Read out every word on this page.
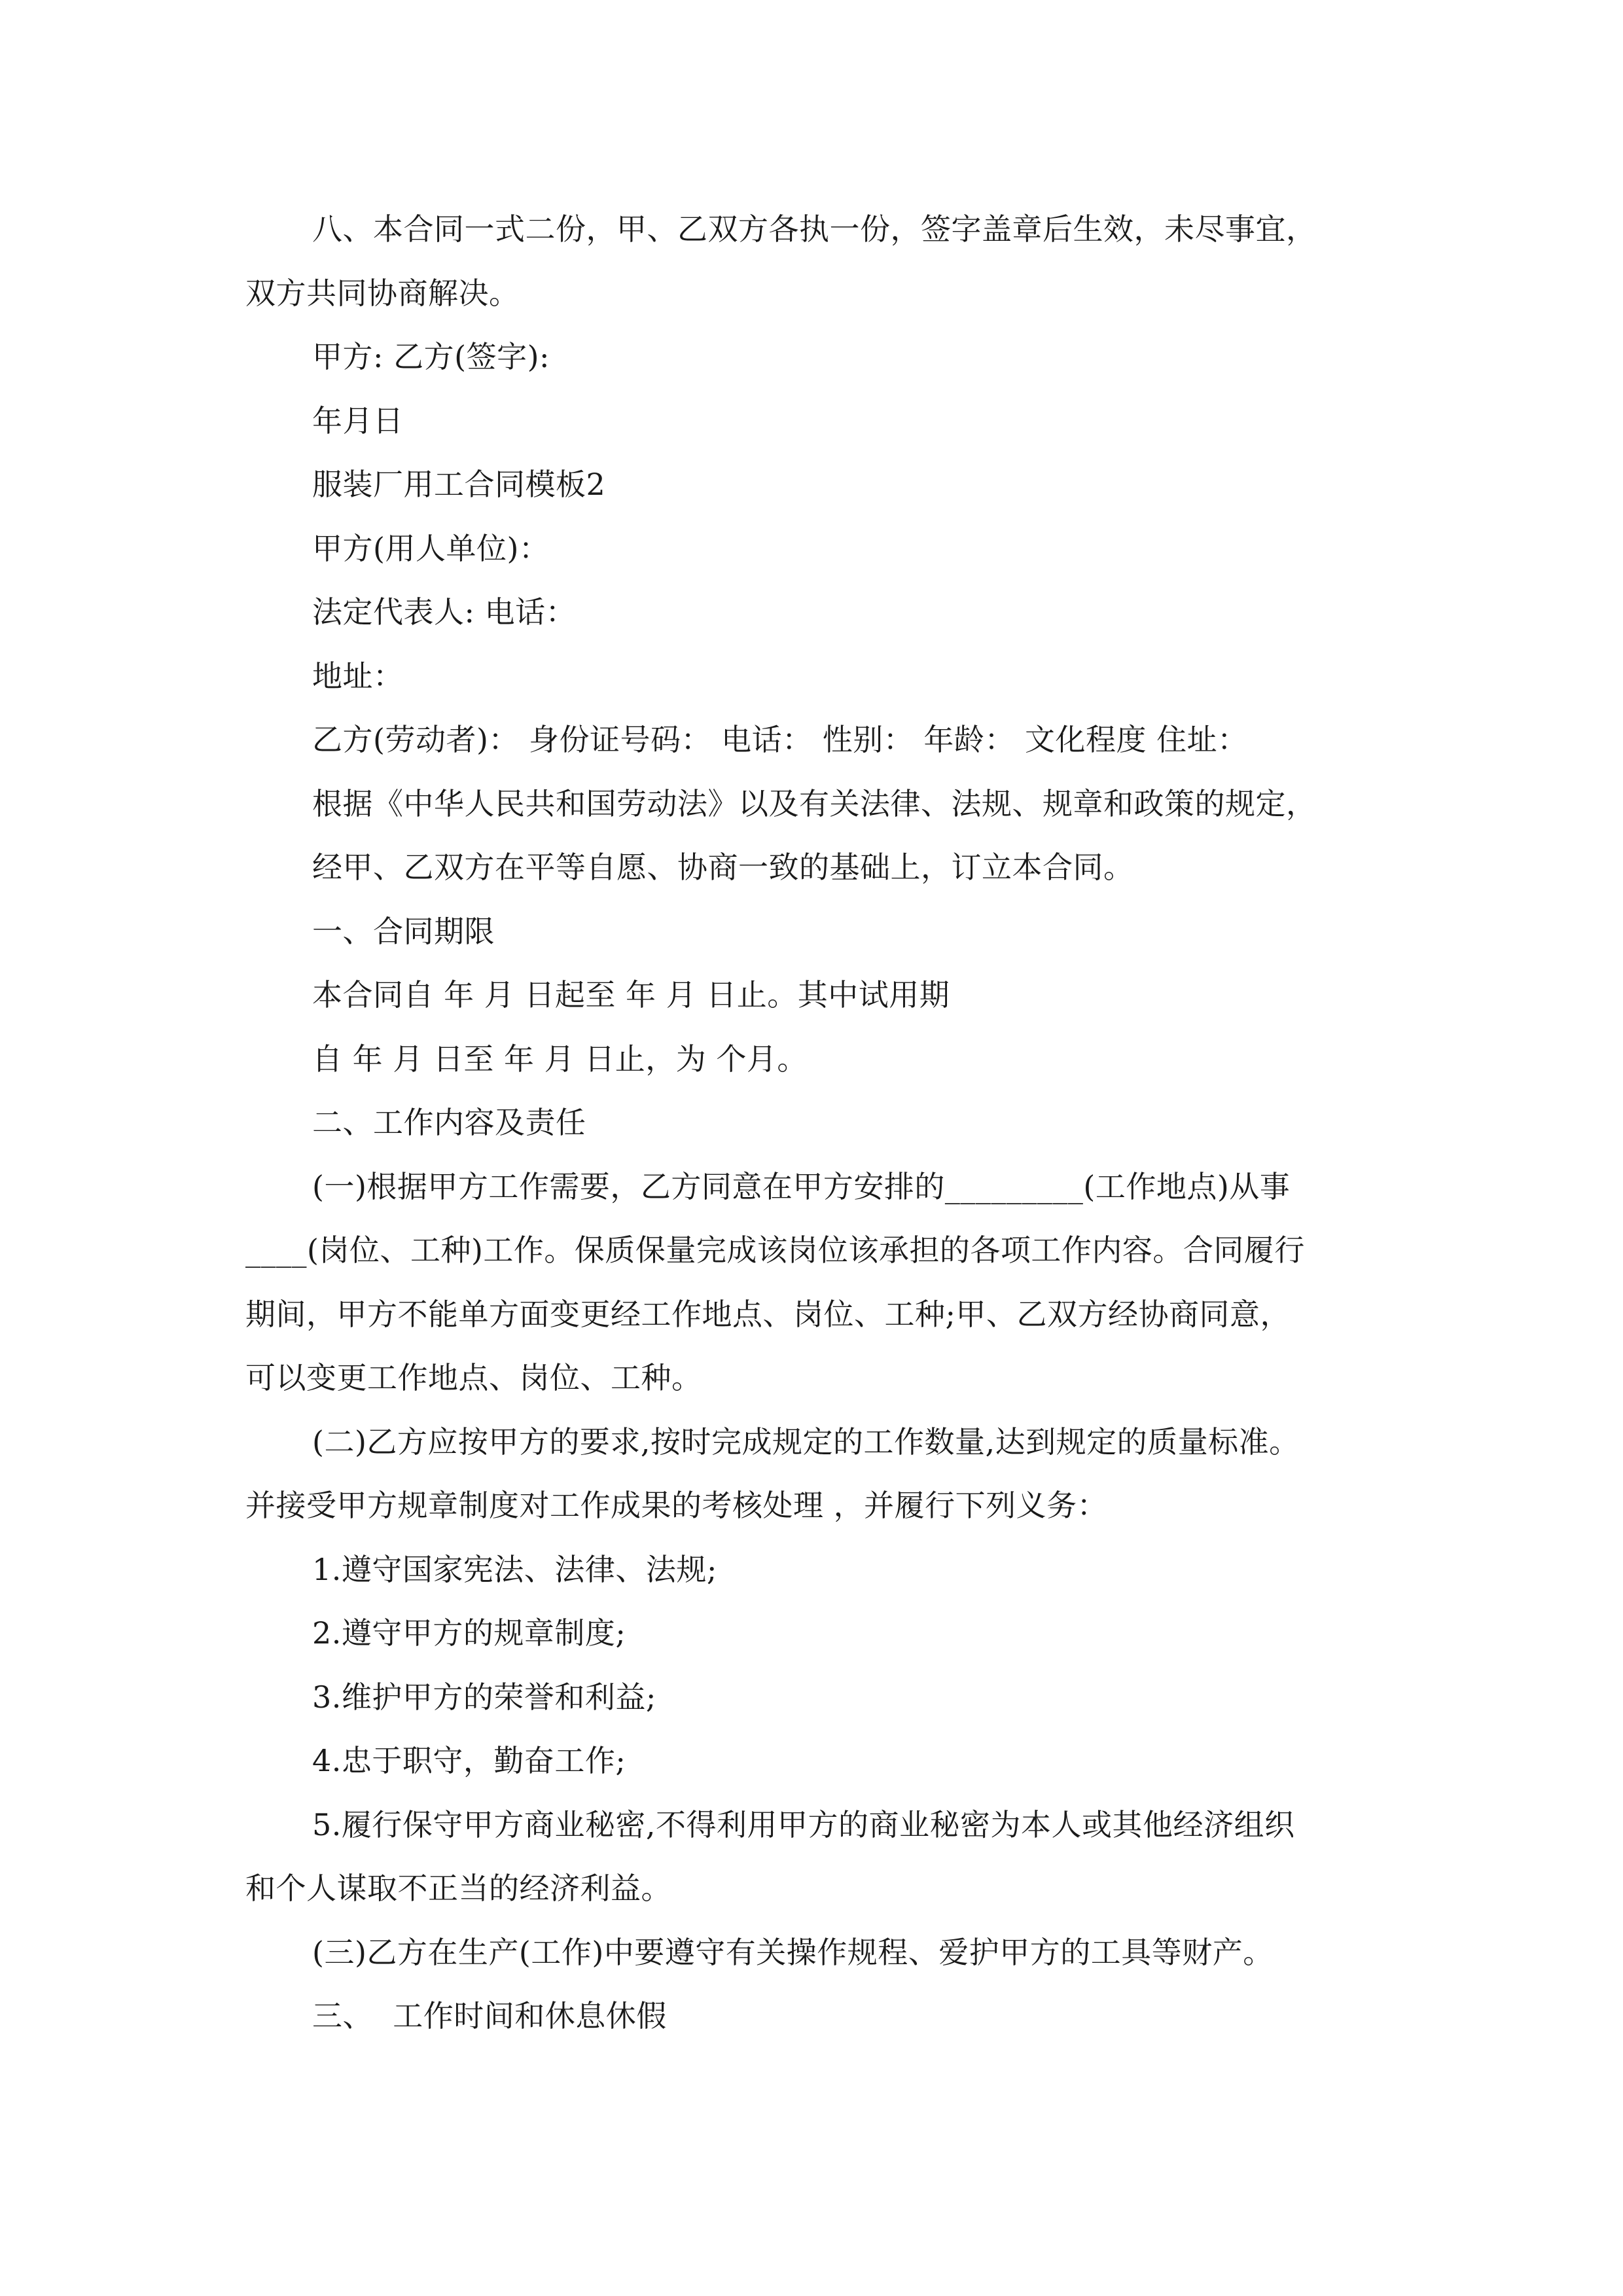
八、本合同一式二份，甲、乙双方各执一份，签字盖章后生效，未尽事宜，
双方共同协商解决。
甲方: 乙方(签字):
年月日
服装厂用工合同模板2
甲方(用人单位)：
法定代表人: 电话：
地址：
乙方(劳动者)： 身份证号码： 电话： 性别： 年龄： 文化程度 住址：
根据《中华人民共和国劳动法》以及有关法律、法规、规章和政策的规定，
经甲、乙双方在平等自愿、协商一致的基础上，订立本合同。
一、合同期限
本合同自 年 月 日起至 年 月 日止。其中试用期
自 年 月 日至 年 月 日止，为 个月。
二、工作内容及责任
(一)根据甲方工作需要，乙方同意在甲方安排的_________(工作地点)从事
____(岗位、工种)工作。保质保量完成该岗位该承担的各项工作内容。合同履行
期间，甲方不能单方面变更经工作地点、岗位、工种;甲、乙双方经协商同意，
可以变更工作地点、岗位、工种。
(二)乙方应按甲方的要求,按时完成规定的工作数量,达到规定的质量标准。
并接受甲方规章制度对工作成果的考核处理 ，并履行下列义务：
1.遵守国家宪法、法律、法规;
2.遵守甲方的规章制度;
3.维护甲方的荣誉和利益;
4.忠于职守，勤奋工作;
5.履行保守甲方商业秘密,不得利用甲方的商业秘密为本人或其他经济组织
和个人谋取不正当的经济利益。
(三)乙方在生产(工作)中要遵守有关操作规程、爱护甲方的工具等财产。
三、  工作时间和休息休假
